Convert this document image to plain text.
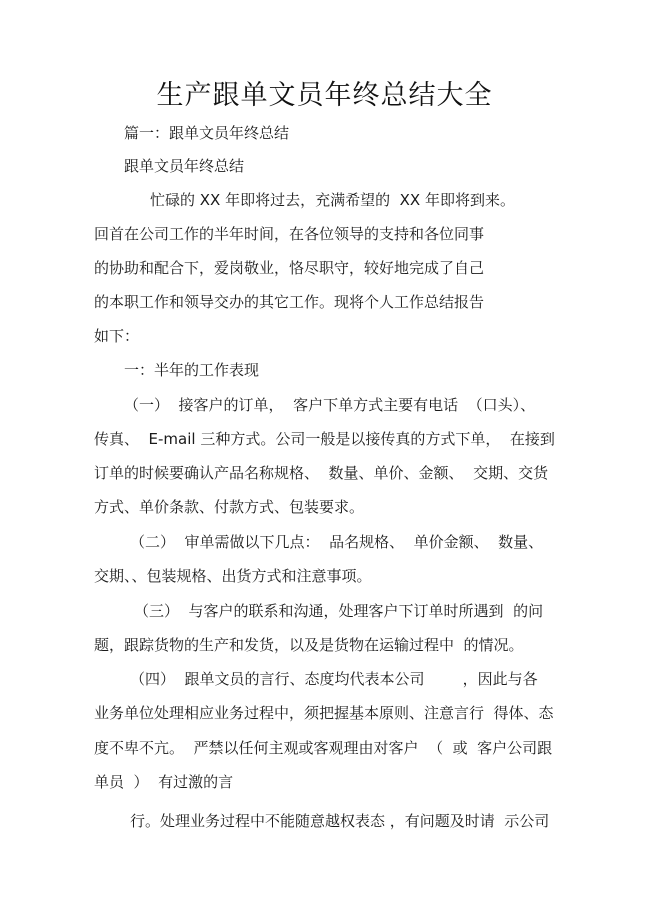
生产跟单文员年终总结大全
篇一：跟单文员年终总结
跟单文员年终总结
忙碌的 XX 年即将过去，充满希望的  XX 年即将到来。
回首在公司工作的半年时间，在各位领导的支持和各位同事
的协助和配合下，爱岗敬业，恪尽职守，较好地完成了自己
的本职工作和领导交办的其它工作。现将个人工作总结报告
如下：
一：半年的工作表现
（一）  接客户的订单，  客户下单方式主要有电话  （口头）、
传真、  E-mail 三种方式。公司一般是以接传真的方式下单，  在接到
订单的时候要确认产品名称规格、  数量、单价、金额、  交期、交货
方式、单价条款、付款方式、包装要求。
（二）  审单需做以下几点：  品名规格、  单价金额、  数量、
交期、、包装规格、出货方式和注意事项。
（三）  与客户的联系和沟通，处理客户下订单时所遇到  的问
题，跟踪货物的生产和发货，以及是货物在运输过程中  的情况。
（四）  跟单文员的言行、态度均代表本公司        ，因此与各
业务单位处理相应业务过程中，须把握基本原则、注意言行  得体、态
度不卑不亢。  严禁以任何主观或客观理由对客户  （  或  客户公司跟
单员  ）  有过激的言
行。处理业务过程中不能随意越权表态 ，有问题及时请  示公司
